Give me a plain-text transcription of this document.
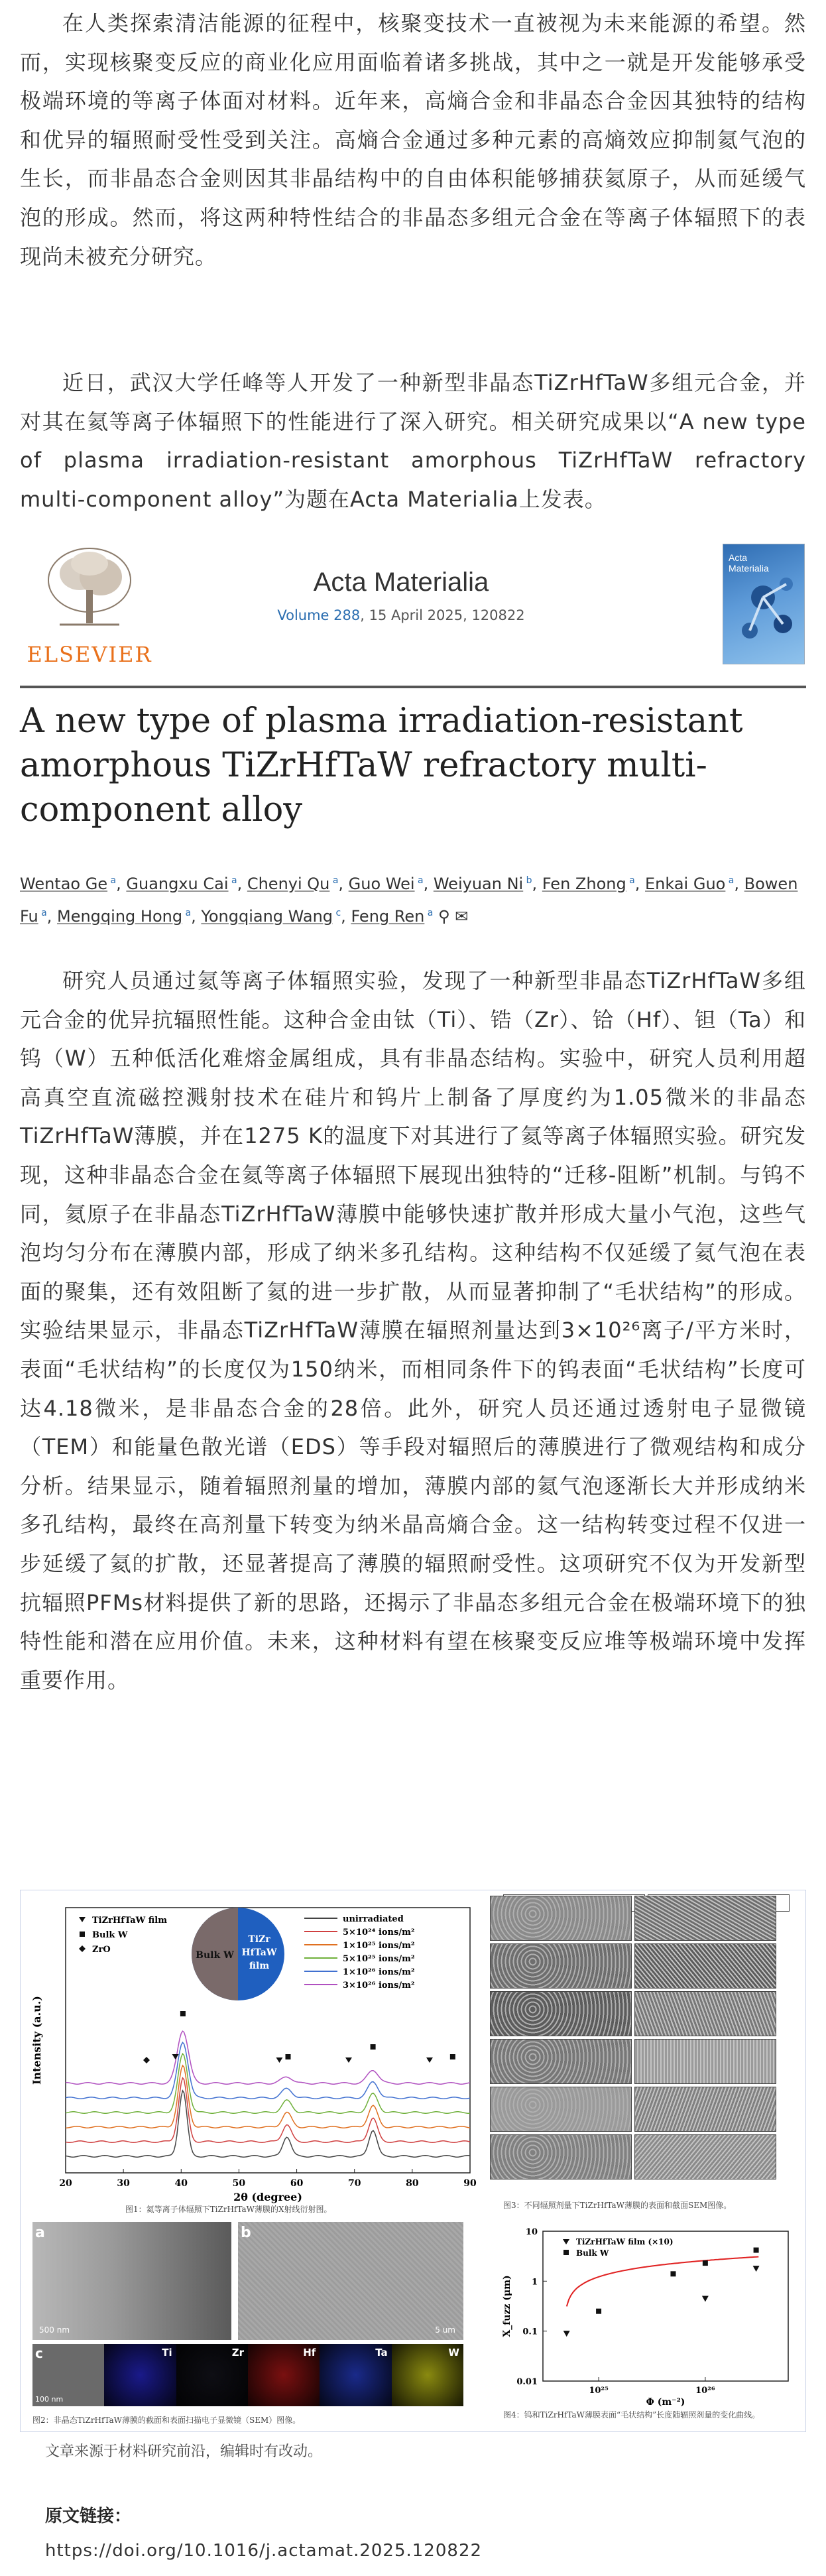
在人类探索清洁能源的征程中，核聚变技术一直被视为未来能源的希望。然而，实现核聚变反应的商业化应用面临着诸多挑战，其中之一就是开发能够承受极端环境的等离子体面对材料。近年来，高熵合金和非晶态合金因其独特的结构和优异的辐照耐受性受到关注。高熵合金通过多种元素的高熵效应抑制氦气泡的生长，而非晶态合金则因其非晶结构中的自由体积能够捕获氦原子，从而延缓气泡的形成。然而，将这两种特性结合的非晶态多组元合金在等离子体辐照下的表现尚未被充分研究。

近日，武汉大学任峰等人开发了一种新型非晶态TiZrHfTaW多组元合金，并对其在氦等离子体辐照下的性能进行了深入研究。相关研究成果以“A new type of plasma irradiation-resistant amorphous TiZrHfTaW refractory multi-component alloy”为题在Acta Materialia上发表。

ELSEVIER
Acta Materialia
Volume 288, 15 April 2025, 120822
Acta
Materialia
A new type of plasma irradiation-resistant amorphous TiZrHfTaW refractory multi-component alloy
Wentao Ge $^a$, Guangxu Cai $^a$, Chenyi Qu $^a$, Guo Wei $^a$, Weiyuan Ni $^b$, Fen Zhong $^a$, Enkai Guo $^a$, Bowen Fu $^a$, Mengqing Hong $^a$, Yongqiang Wang $^c$, Feng Ren $^a$ ⚲ ✉

研究人员通过氦等离子体辐照实验，发现了一种新型非晶态TiZrHfTaW多组元合金的优异抗辐照性能。这种合金由钛（Ti）、锆（Zr）、铪（Hf）、钽（Ta）和钨（W）五种低活化难熔金属组成，具有非晶态结构。实验中，研究人员利用超高真空直流磁控溅射技术在硅片和钨片上制备了厚度约为1.05微米的非晶态TiZrHfTaW薄膜，并在1275 K的温度下对其进行了氦等离子体辐照实验。研究发现，这种非晶态合金在氦等离子体辐照下展现出独特的“迁移-阻断”机制。与钨不同，氦原子在非晶态TiZrHfTaW薄膜中能够快速扩散并形成大量小气泡，这些气泡均匀分布在薄膜内部，形成了纳米多孔结构。这种结构不仅延缓了氦气泡在表面的聚集，还有效阻断了氦的进一步扩散，从而显著抑制了“毛状结构”的形成。实验结果显示，非晶态TiZrHfTaW薄膜在辐照剂量达到3×10²⁶离子/平方米时，表面“毛状结构”的长度仅为150纳米，而相同条件下的钨表面“毛状结构”长度可达4.18微米，是非晶态合金的28倍。此外，研究人员还通过透射电子显微镜（TEM）和能量色散光谱（EDS）等手段对辐照后的薄膜进行了微观结构和成分分析。结果显示，随着辐照剂量的增加，薄膜内部的氦气泡逐渐长大并形成纳米多孔结构，最终在高剂量下转变为纳米晶高熵合金。这一结构转变过程不仅进一步延缓了氦的扩散，还显著提高了薄膜的辐照耐受性。这项研究不仅为开发新型抗辐照PFMs材料提供了新的思路，还揭示了非晶态多组元合金在极端环境下的独特性能和潜在应用价值。未来，这种材料有望在核聚变反应堆等极端环境中发挥重要作用。

20	30	40	50	60	70	80	90
2θ (degree)
Intensity (a.u.)
TiZrHfTaW film
Bulk W
ZrO
Bulk W
TiZr
HfTaW
film
unirradiated
5×10²⁴ ions/m²
1×10²⁵ ions/m²
5×10²⁵ ions/m²
1×10²⁶ ions/m²
3×10²⁶ ions/m²
图1：氦等离子体辐照下TiZrHfTaW薄膜的X射线衍射图。	图3：不同辐照剂量下TiZrHfTaW薄膜的表面和截面SEM图像。
a
500 nm
b
5 um
c
100 nm
Ti	Zr	Hf	Ta	W
图2：非晶态TiZrHfTaW薄膜的截面和表面扫描电子显微镜（SEM）图像。
10
1
0.1
0.01
10²⁵	10²⁶
Φ (m⁻²)
X_fuzz (μm)
TiZrHfTaW film (×10)
Bulk W
图4：钨和TiZrHfTaW薄膜表面“毛状结构”长度随辐照剂量的变化曲线。
文章来源于材料研究前沿，编辑时有改动。
原文链接：
https://doi.org/10.1016/j.actamat.2025.120822
